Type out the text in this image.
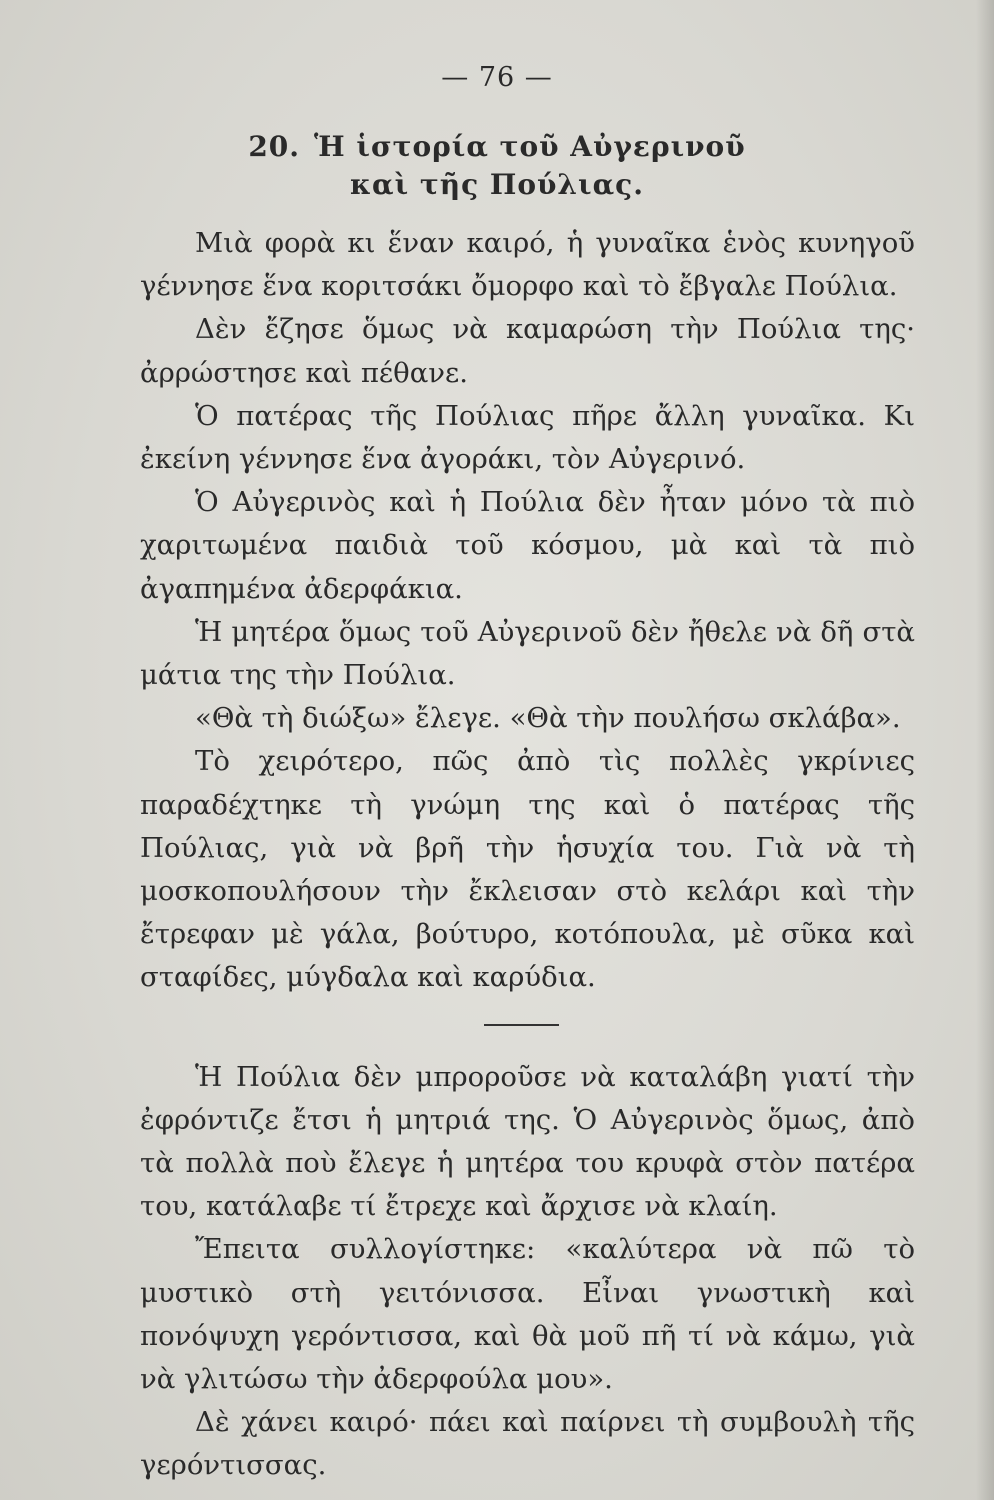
— 76 —
20. Ἡ ἱστορία τοῦ Αὐγερινοῦ
καὶ τῆς Πούλιας.

Μιὰ φορὰ κι ἕναν καιρό, ἡ γυναῖκα ἑνὸς κυνηγοῦ γέννησε ἕνα κοριτσάκι ὄμορφο καὶ τὸ ἔβγαλε Πούλια.

Δὲν ἔζησε ὅμως νὰ καμαρώση τὴν Πούλια της· ἀρρώστησε καὶ πέθανε.

Ὁ πατέρας τῆς Πούλιας πῆρε ἄλλη γυναῖκα. Κι ἐκείνη γέννησε ἕνα ἀγοράκι, τὸν Αὐγερινό.

Ὁ Αὐγερινὸς καὶ ἡ Πούλια δὲν ἦταν μόνο τὰ πιὸ χαριτωμένα παιδιὰ τοῦ κόσμου, μὰ καὶ τὰ πιὸ ἀγαπημένα ἀδερφάκια.

Ἡ μητέρα ὅμως τοῦ Αὐγερινοῦ δὲν ἤθελε νὰ δῆ στὰ μάτια της τὴν Πούλια.

«Θὰ τὴ διώξω» ἔλεγε. «Θὰ τὴν πουλήσω σκλάβα».

Τὸ χειρότερο, πῶς ἀπὸ τὶς πολλὲς γκρίνιες παραδέχτηκε τὴ γνώμη της καὶ ὁ πατέρας τῆς Πούλιας, γιὰ νὰ βρῆ τὴν ἡσυχία του. Γιὰ νὰ τὴ μοσκοπουλήσουν τὴν ἔκλεισαν στὸ κελάρι καὶ τὴν ἔτρεφαν μὲ γάλα, βούτυρο, κοτόπουλα, μὲ σῦκα καὶ σταφίδες, μύγδαλα καὶ καρύδια.

Ἡ Πούλια δὲν μπροροῦσε νὰ καταλάβη γιατί τὴν ἐφρόντιζε ἔτσι ἡ μητριά της. Ὁ Αὐγερινὸς ὅμως, ἀπὸ τὰ πολλὰ ποὺ ἔλεγε ἡ μητέρα του κρυφὰ στὸν πατέρα του, κατάλαβε τί ἔτρεχε καὶ ἄρχισε νὰ κλαίη.

Ἔπειτα συλλογίστηκε: «καλύτερα νὰ πῶ τὸ μυστικὸ στὴ γειτόνισσα. Εἶναι γνωστικὴ καὶ πονόψυχη γερόντισσα, καὶ θὰ μοῦ πῆ τί νὰ κάμω, γιὰ νὰ γλιτώσω τὴν ἀδερφούλα μου».

Δὲ χάνει καιρό· πάει καὶ παίρνει τὴ συμβουλὴ τῆς γερόντισσας.
